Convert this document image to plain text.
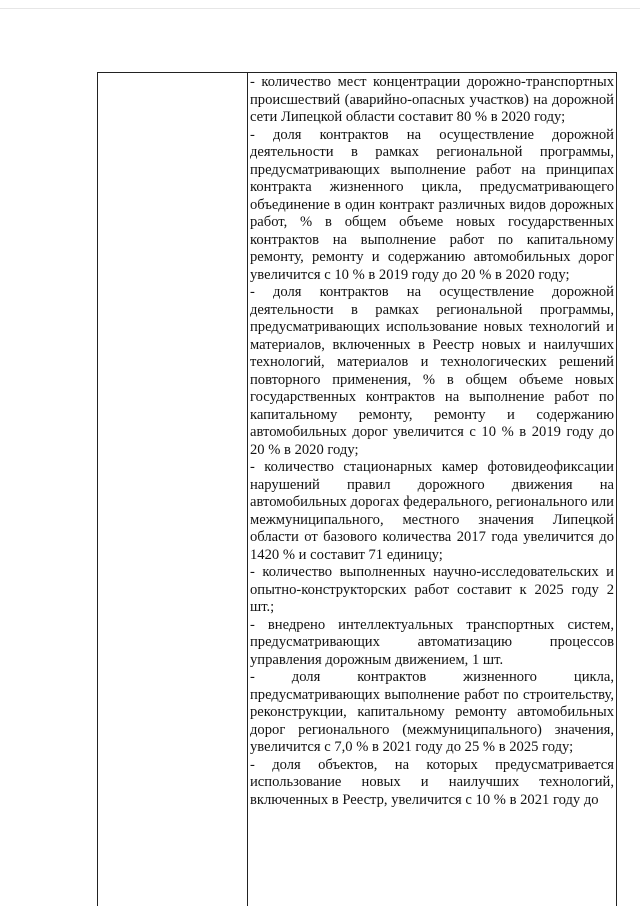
- количество мест концентрации дорожно-транспортных происшествий (аварийно-опасных участков) на дорожной сети Липецкой области составит 80 % в 2020 году;

- доля контрактов на осуществление дорожной деятельности в рамках региональной программы, предусматривающих выполнение работ на принципах контракта жизненного цикла, предусматривающего объединение в один контракт различных видов дорожных работ, % в общем объеме новых государственных контрактов на выполнение работ по капитальному ремонту, ремонту и содержанию автомобильных дорог увеличится с 10 % в 2019 году до 20 % в 2020 году;

- доля контрактов на осуществление дорожной деятельности в рамках региональной программы, предусматривающих использование новых технологий и материалов, включенных в Реестр новых и наилучших технологий, материалов и технологических решений повторного применения, % в общем объеме новых государственных контрактов на выполнение работ по капитальному ремонту, ремонту и содержанию автомобильных дорог увеличится с 10 % в 2019 году до 20 % в 2020 году;

- количество стационарных камер фотовидеофиксации нарушений правил дорожного движения на автомобильных дорогах федерального, регионального или межмуниципального, местного значения Липецкой области от базового количества 2017 года увеличится до 1420 % и составит 71 единицу;

- количество выполненных научно-исследовательских и опытно-конструкторских работ составит к 2025 году 2 шт.;

- внедрено интеллектуальных транспортных систем, предусматривающих автоматизацию процессов управления дорожным движением, 1 шт.

- доля контрактов жизненного цикла, предусматривающих выполнение работ по строительству, реконструкции, капитальному ремонту автомобильных дорог регионального (межмуниципального) значения, увеличится с 7,0 % в 2021 году до 25 % в 2025 году;

- доля объектов, на которых предусматривается использование новых и наилучших технологий, включенных в Реестр, увеличится с 10 % в 2021 году до
